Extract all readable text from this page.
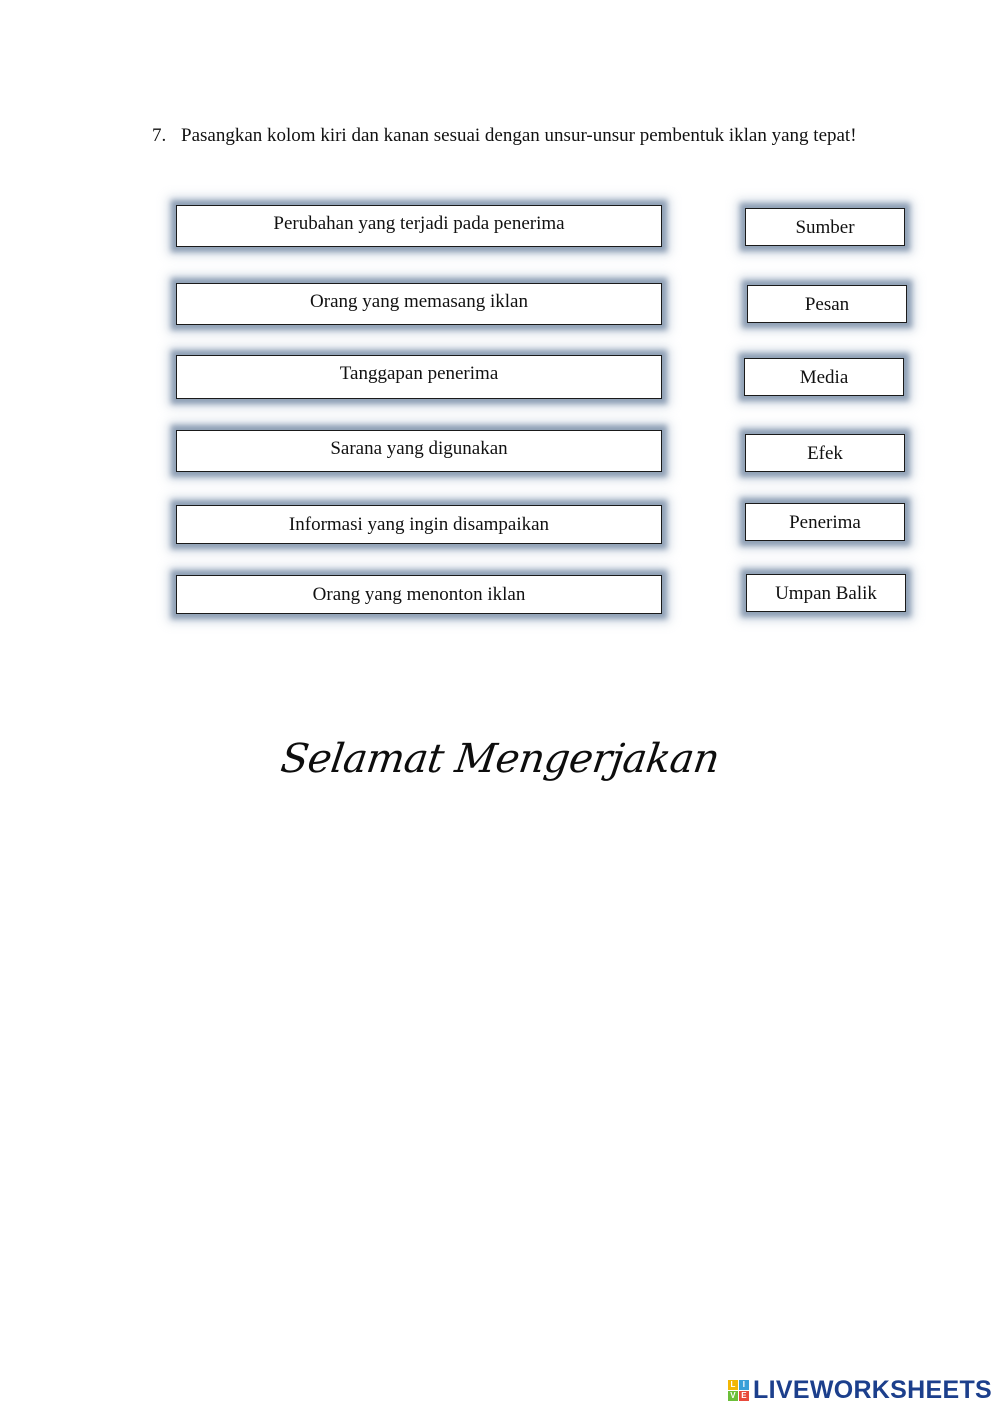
7. Pasangkan kolom kiri dan kanan sesuai dengan unsur-unsur pembentuk iklan yang tepat!
Perubahan yang terjadi pada penerima
Orang yang memasang iklan
Tanggapan penerima
Sarana yang digunakan
Informasi yang ingin disampaikan
Orang yang menonton iklan
Sumber
Pesan
Media
Efek
Penerima
Umpan Balik
Selamat Mengerjakan
L I
V E LIVEWORKSHEETS
